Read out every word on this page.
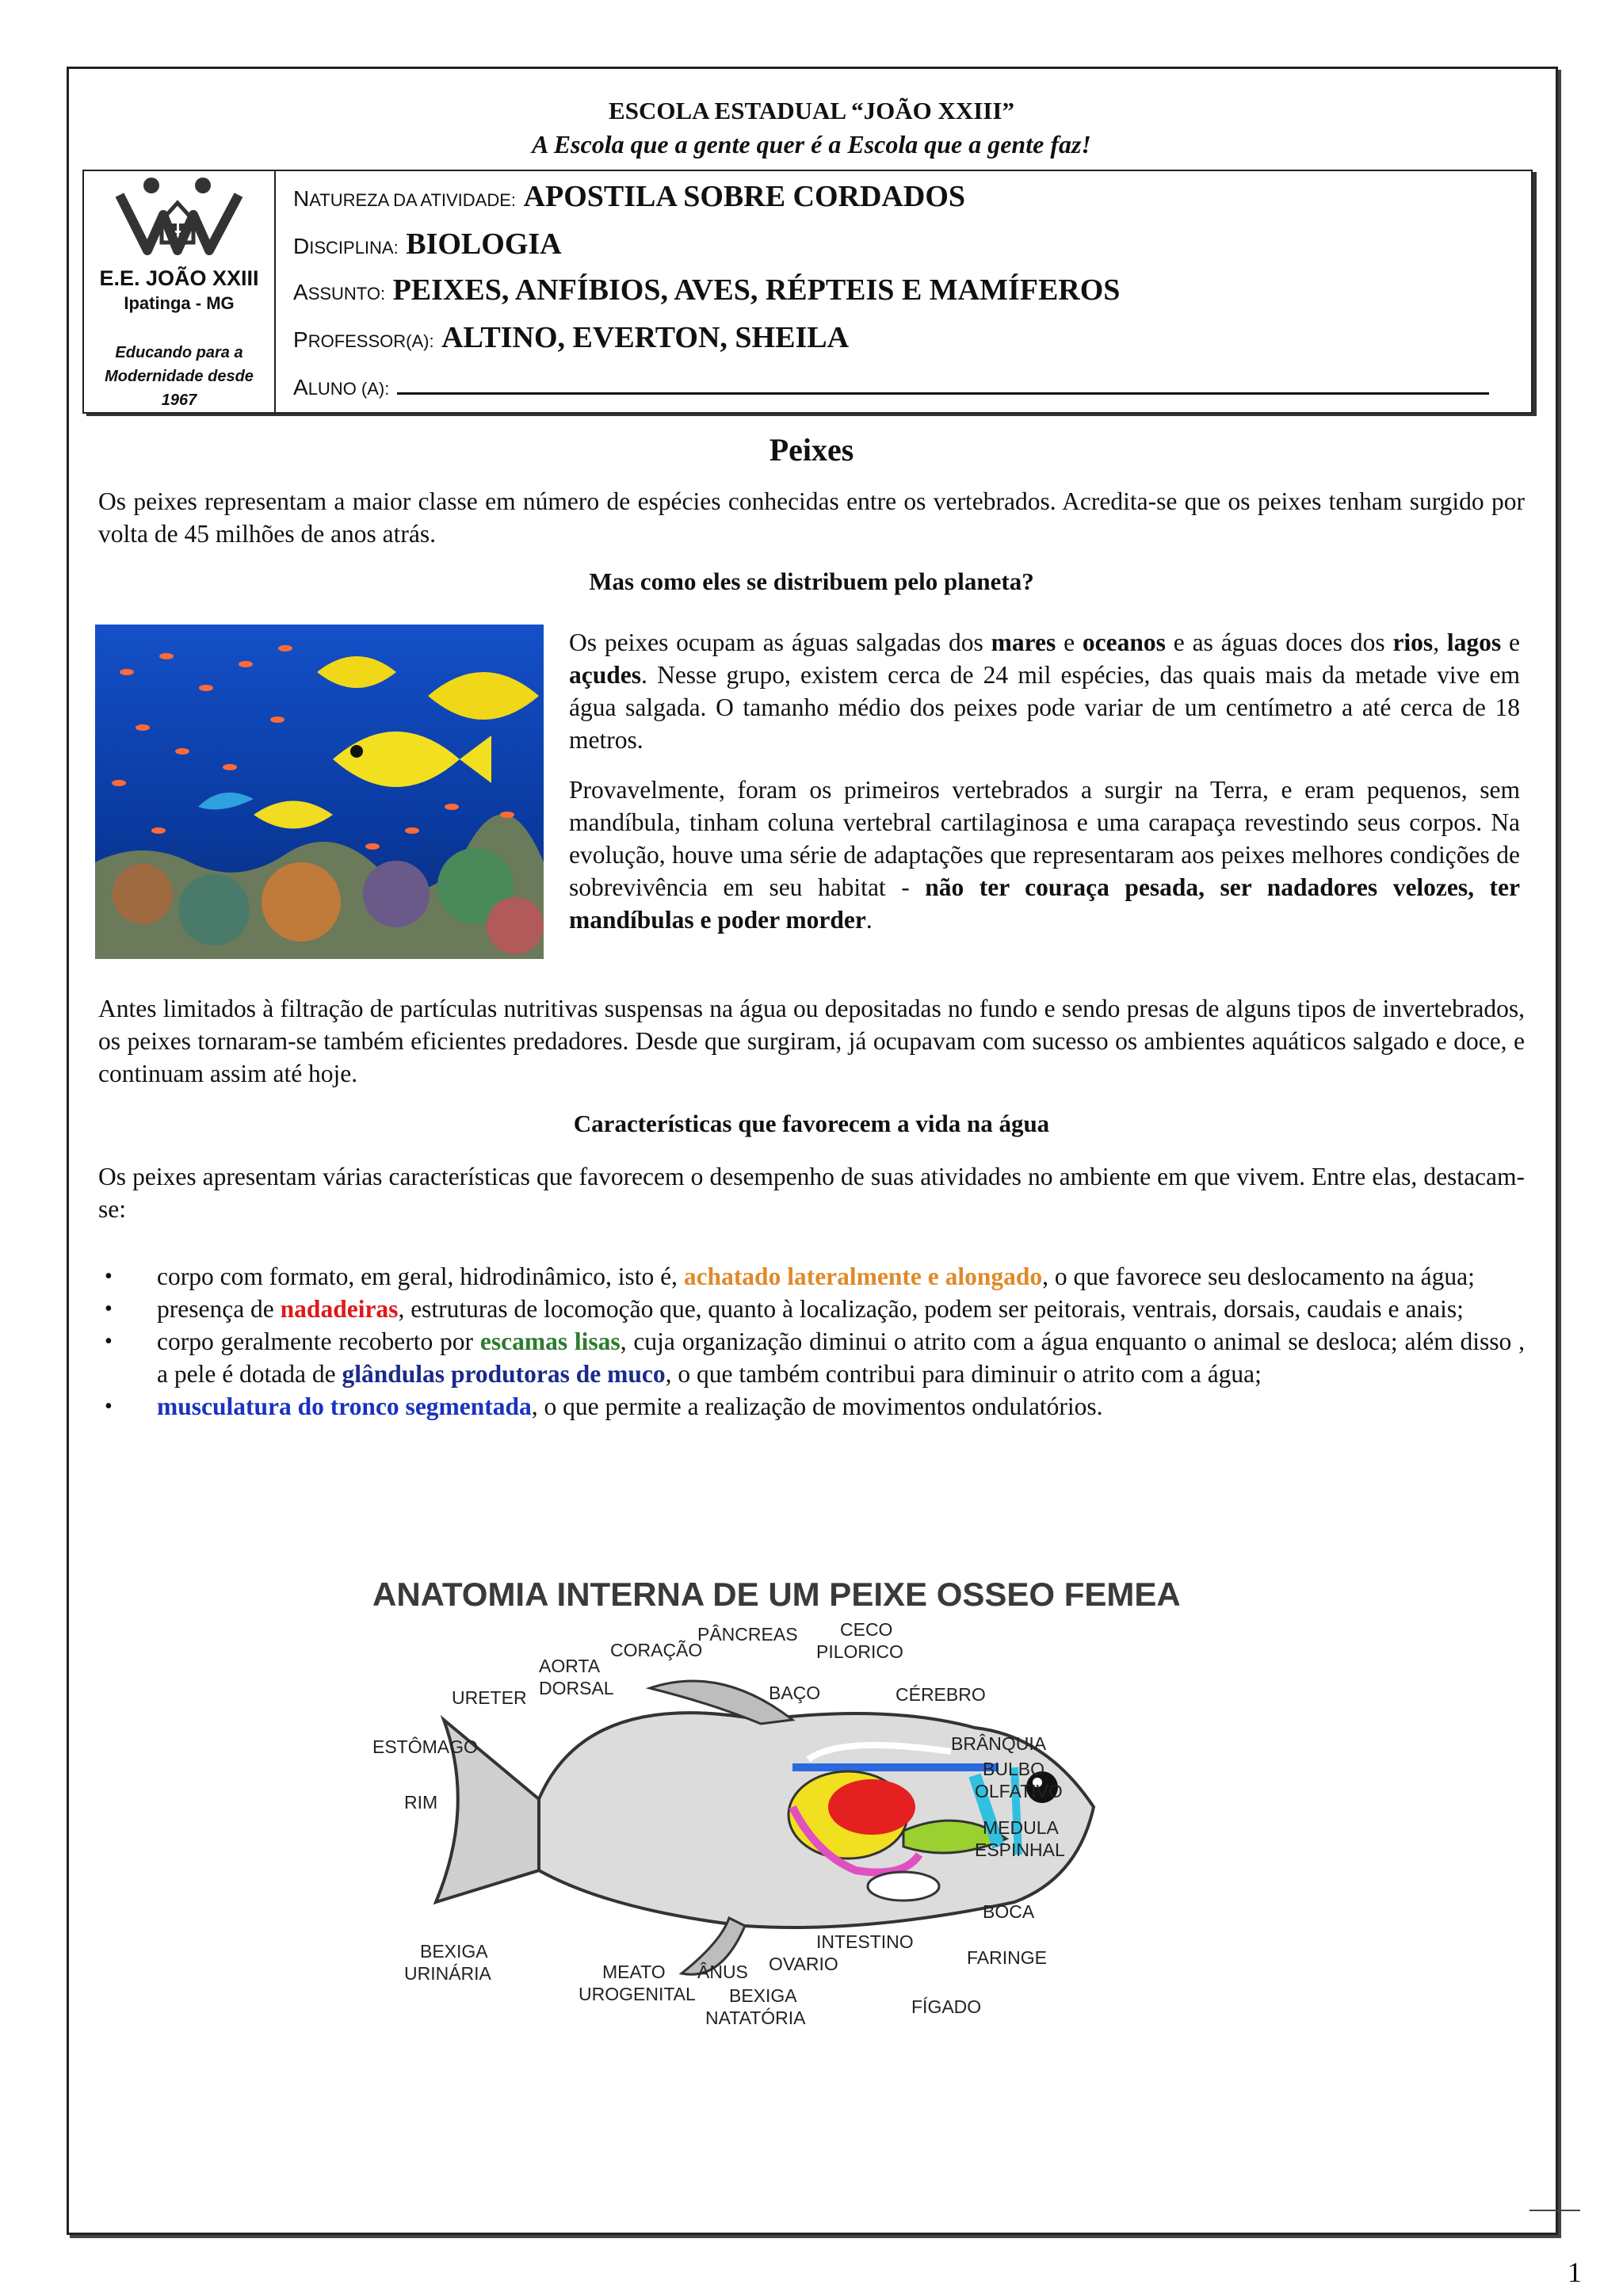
ESCOLA ESTADUAL “JOÃO XXIII”
A Escola que a gente quer é a Escola que a gente faz!
E.E. JOÃO XXIII
Ipatinga - MG
Educando para a
Modernidade desde
1967
NATUREZA DA ATIVIDADE: APOSTILA SOBRE CORDADOS
DISCIPLINA: BIOLOGIA
ASSUNTO: PEIXES, ANFÍBIOS, AVES, RÉPTEIS E MAMÍFEROS
PROFESSOR(A): ALTINO, EVERTON, SHEILA
ALUNO (A):
Peixes
Os peixes representam a maior classe em número de espécies conhecidas entre os vertebrados. Acredita-se que os peixes tenham surgido por volta de 45 milhões de anos atrás.
Mas como eles se distribuem pelo planeta?
Os peixes ocupam as águas salgadas dos mares e oceanos e as águas doces dos rios, lagos e açudes. Nesse grupo, existem cerca de 24 mil espécies, das quais mais da metade vive em água salgada. O tamanho médio dos peixes pode variar de um centímetro a até cerca de 18 metros.
Provavelmente, foram os primeiros vertebrados a surgir na Terra, e eram pequenos, sem mandíbula, tinham coluna vertebral cartilaginosa e uma carapaça revestindo seus corpos. Na evolução, houve uma série de adaptações que representaram aos peixes melhores condições de sobrevivência em seu habitat - não ter couraça pesada, ser nadadores velozes, ter mandíbulas e poder morder.
Antes limitados à filtração de partículas nutritivas suspensas na água ou depositadas no fundo e sendo presas de alguns tipos de invertebrados, os peixes tornaram-se também eficientes predadores. Desde que surgiram, já ocupavam com sucesso os ambientes aquáticos salgado e doce, e continuam assim até hoje.
Características que favorecem a vida na água
Os peixes apresentam várias características que favorecem o desempenho de suas atividades no ambiente em que vivem. Entre elas, destacam-se:
• corpo com formato, em geral, hidrodinâmico, isto é, achatado lateralmente e alongado, o que favorece seu deslocamento na água;
• presença de nadadeiras, estruturas de locomoção que, quanto à localização, podem ser peitorais, ventrais, dorsais, caudais e anais;
• corpo geralmente recoberto por escamas lisas, cuja organização diminui o atrito com a água enquanto o animal se desloca; além disso , a pele é dotada de glândulas produtoras de muco, o que também contribui para diminuir o atrito com a água;
• musculatura do tronco segmentada, o que permite a realização de movimentos ondulatórios.
ANATOMIA INTERNA DE UM PEIXE OSSEO FEMEA
URETER
AORTA
DORSAL
CORAÇÃO
PÂNCREAS CECO
PILORICO
BAÇO	CÉREBRO
ESTÔMAGO	BRÂNQUIA
BULBO
OLFATIVO
RIM
MEDULA
ESPINHAL
BOCA
BEXIGA
URINÁRIA
INTESTINO
OVARIO	FARINGE
MEATO
UROGENITAL
ÂNUS
BEXIGA
NATATÓRIA
FÍGADO
1
